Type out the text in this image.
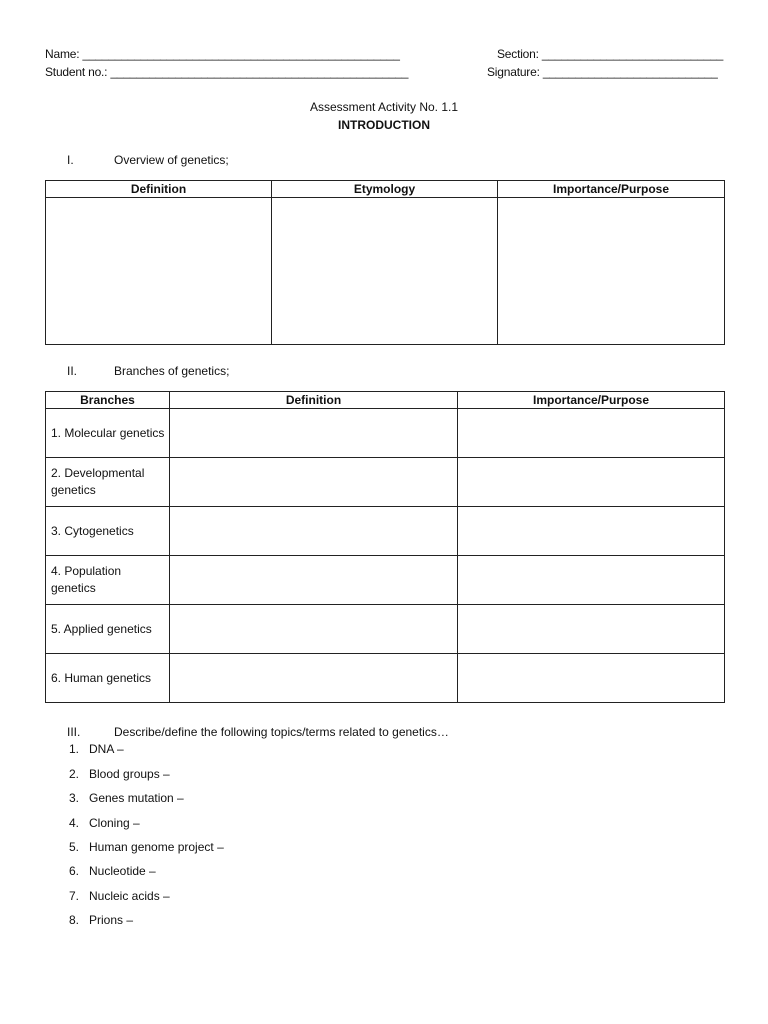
Name: _________________________________________________
Student no.: ______________________________________________
Section: ____________________________
Signature: ___________________________
Assessment Activity No. 1.1
INTRODUCTION
I.	Overview of genetics;
Definition	Etymology	Importance/Purpose

II.	Branches of genetics;
Branches	Definition	Importance/Purpose
1. Molecular genetics		
2. Developmental genetics		
3. Cytogenetics		
4. Population genetics		
5. Applied genetics		
6. Human genetics		
III.	Describe/define the following topics/terms related to genetics…
1. DNA –
2. Blood groups –
3. Genes mutation –
4. Cloning –
5. Human genome project –
6. Nucleotide –
7. Nucleic acids –
8. Prions –
